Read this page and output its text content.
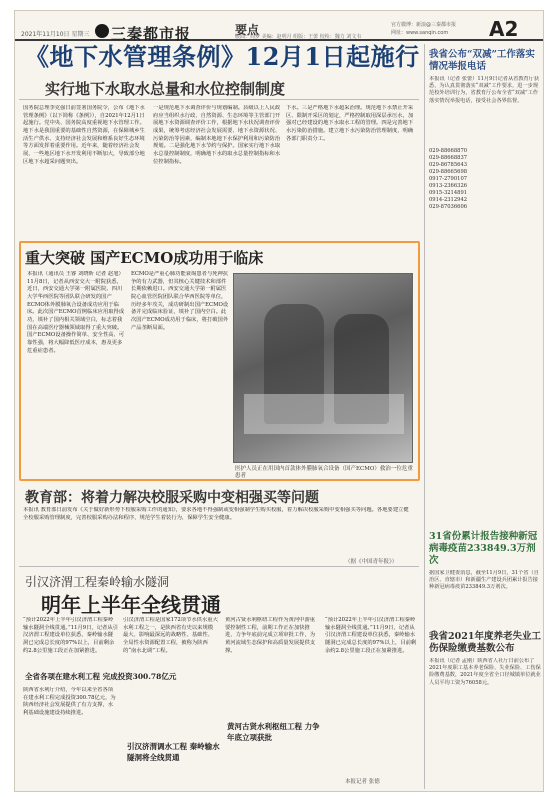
2021年11月10日 星期三 三秦都市报	要点
版面：周梦 美编：赵明月 组版：王蕾 校检：魏力 刘文韦
官方微博：新浪@三秦都市报
网址：www.sanqin.com A2
《地下水管理条例》12月1日起施行
实行地下水取水总量和水位控制制度
国务院总理李克强日前签署国务院令，公布《地下水管理条例》（以下简称《条例》），自2021年12月1日起施行。党中央、国务院高度重视地下水管理工作。地下水是我国重要的基础性自然资源，在保障城乡生活生产供水、支持经济社会发展和维系良好生态环境等方面发挥着重要作用。近年来，随着经济社会发展，一些地区地下水开发利用不断加大，导致部分地区地下水超采问题突出。
一是规范地下水调查评价与规划编制。县级以上人民政府应当组织水行政、自然资源、生态环境等主管部门开展地下水资源调查评价工作，根据地下水状况调查评价成果，统筹考虑经济社会发展需要、地下水资源状况、污染防治等因素，编制本地地下水保护利用和污染防治规划。二是强化地下水节约与保护。国家实行地下水取水总量控制制度，明确地下水的取水总量控制指标和水位控制指标。
下水。三是严格地下水超采治理。规范地下水禁止开采区、限制开采区的划定，严格控制取用深层承压水，加强对已经建设的地下水取水工程的管理。四是完善地下水污染防治措施。建立地下水污染防治管理制度，明确各部门职责分工。
重大突破 国产ECMO成功用于临床
本报讯（通讯员 王睿 刘晓昕 记者 赵旭）11月8日，记者从西安交大一附院获悉，近日，西安交通大学第一附属医院、四川大学华西医院等团队联合研发的国产ECMO体外膜肺氧合设备成功应用于临床。此次国产ECMO首例临床应用取得成功，填补了国内相关领域空白，标志着我国在高端医疗器械领域取得了重大突破。国产ECMO设备操作简单、安全性高、可靠性强，将大幅降低医疗成本，惠及更多危重症患者。
ECMO是严重心肺功能衰竭患者与死神抗争的有力武器，但其核心关键技术和部件长期依赖进口。西安交通大学第一附属医院心血管医院团队联合华西医院等单位，历经多年攻关，成功研制出国产ECMO设备并完成临床验证，填补了国内空白。此次国产ECMO成功用于临床，将打破国外产品垄断局面。
医护人员正在用国内首款体外膜肺氧合设备（国产ECMO）救治一位危重患者
教育部：将着力解决校服采购中变相强买等问题
本报讯 教育部日前发布《关于做好新形势下校服采购工作的通知》，要求各地不得强制或变相强制学生购买校服，着力解决校服采购中变相强买等问题。各地要建立健全校服采购管理制度，完善校服采购办法和程序，规范学生着装行为，保障学生安全健康。
（据《中国青年报》）
引汉济渭工程秦岭输水隧洞
明年上半年全线贯通
“预计2022年上半年引汉济渭工程秦岭输水隧洞全线贯通。”11月9日，记者从引汉济渭工程建设单位获悉，秦岭输水隧洞已完成总长度的97%以上，目前剩余约2.8公里施工段正在加紧推进。
全省各项在建水利工程 完成投资300.78亿元
陕西省水利厅介绍，今年以来全省各项在建水利工程完成投资300.78亿元，为陕西经济社会发展提供了有力支撑，水利基础设施建设持续推进。
引汉济渭工程是国家172项节水供水重大水利工程之一，是陕西省有史以来规模最大、影响最深远的战略性、基础性、全局性水资源配置工程，被称为陕西的“南水北调”工程。
引汉济渭调水工程 秦岭输水隧洞将全线贯通
黄河古贤水利枢纽工程 力争年底立项获批
黄河古贤水利枢纽工程作为黄河中游重要控制性工程，前期工作正在加快推进，力争年底前完成立项审批工作，为黄河流域生态保护和高质量发展提供支撑。
“预计2022年上半年引汉济渭工程秦岭输水隧洞全线贯通。”11月9日，记者从引汉济渭工程建设单位获悉，秦岭输水隧洞已完成总长度的97%以上，目前剩余约2.8公里施工段正在加紧推进。
本报记者 张德
我省公布“双减”工作落实情况举报电话
本报讯（记者 张蕾）11月9日记者从省教育厅获悉，为认真贯彻落实“双减”工作要求，进一步规范校外培训行为，省教育厅公布全省“双减”工作落实情况举报电话，接受社会各界监督。
029-88668870
029-88668837
029-86785643
029-88665698
0917-2790107
0913-2366326
0915-3214891
0914-2312942
029-87036606
31省份累计报告接种新冠病毒疫苗233849.3万剂次
据国家卫健委消息，截至11月9日，31个省（自治区、直辖市）和新疆生产建设兵团累计报告接种新冠病毒疫苗233849.3万剂次。
我省2021年度养老失业工伤保险缴费基数公布
本报讯（记者 孟刚）陕西省人社厅日前公布了2021年度职工基本养老保险、失业保险、工伤保险缴费基数，2021年度全省全口径城镇单位就业人员平均工资为76058元。
